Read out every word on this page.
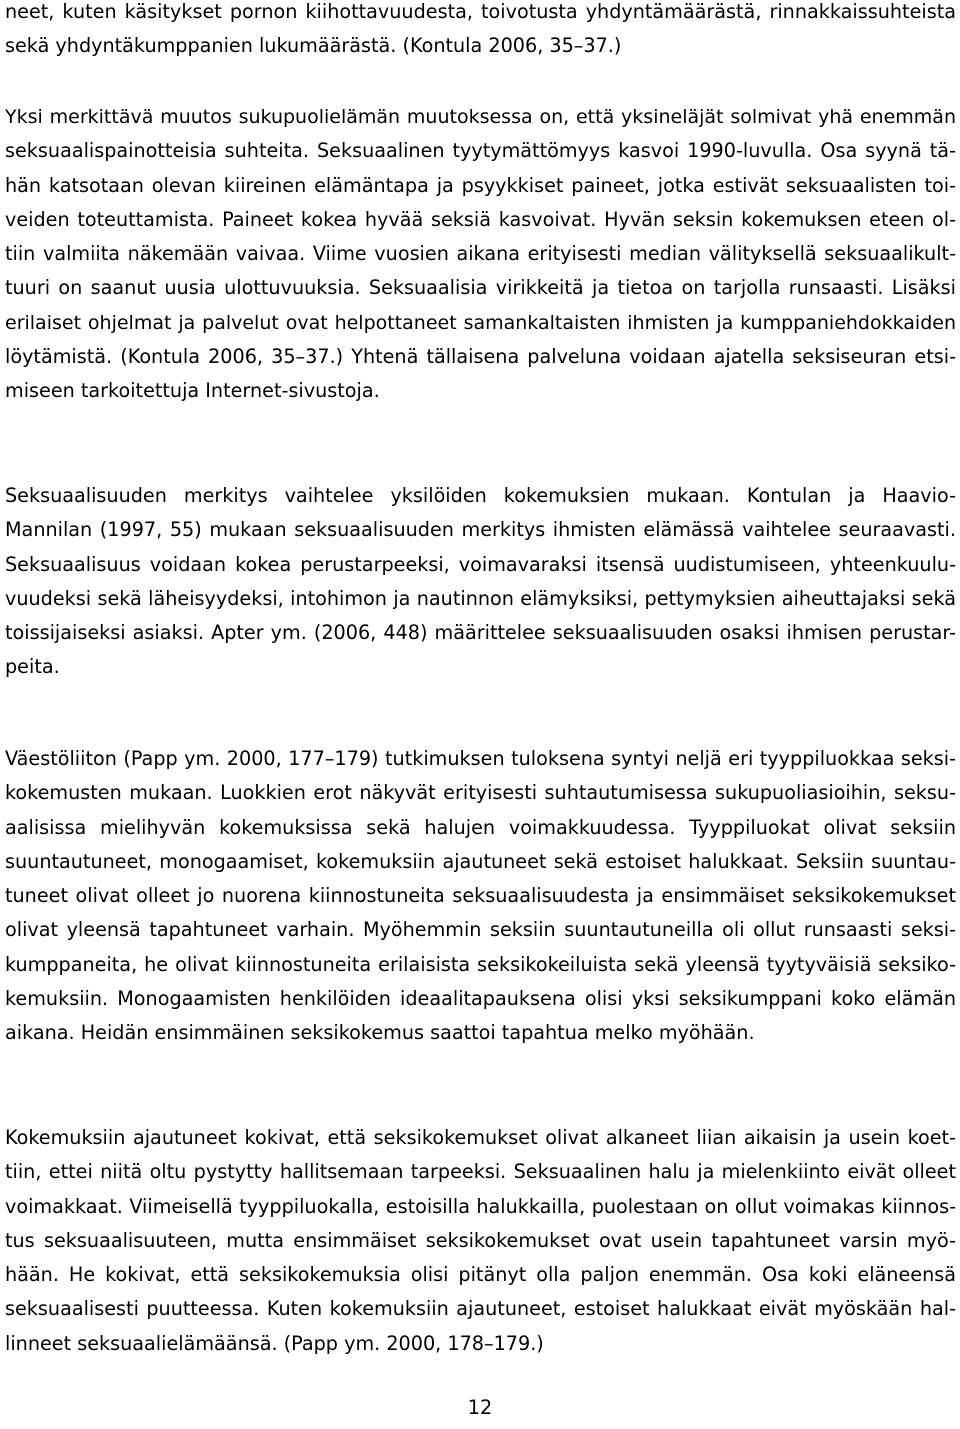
neet, kuten käsitykset pornon kiihottavuudesta, toivotusta yhdyntämäärästä, rinnakkaissuhteista
sekä yhdyntäkumppanien lukumäärästä. (Kontula 2006, 35–37.)
Yksi merkittävä muutos sukupuolielämän muutoksessa on, että yksineläjät solmivat yhä enemmän
seksuaalispainotteisia suhteita. Seksuaalinen tyytymättömyys kasvoi 1990-luvulla. Osa syynä tä-
hän katsotaan olevan kiireinen elämäntapa ja psyykkiset paineet, jotka estivät seksuaalisten toi-
veiden toteuttamista. Paineet kokea hyvää seksiä kasvoivat. Hyvän seksin kokemuksen eteen ol-
tiin valmiita näkemään vaivaa. Viime vuosien aikana erityisesti median välityksellä seksuaalikult-
tuuri on saanut uusia ulottuvuuksia. Seksuaalisia virikkeitä ja tietoa on tarjolla runsaasti. Lisäksi
erilaiset ohjelmat ja palvelut ovat helpottaneet samankaltaisten ihmisten ja kumppaniehdokkaiden
löytämistä. (Kontula 2006, 35–37.) Yhtenä tällaisena palveluna voidaan ajatella seksiseuran etsi-
miseen tarkoitettuja Internet-sivustoja.
Seksuaalisuuden merkitys vaihtelee yksilöiden kokemuksien mukaan. Kontulan ja Haavio-
Mannilan (1997, 55) mukaan seksuaalisuuden merkitys ihmisten elämässä vaihtelee seuraavasti.
Seksuaalisuus voidaan kokea perustarpeeksi, voimavaraksi itsensä uudistumiseen, yhteenkuulu-
vuudeksi sekä läheisyydeksi, intohimon ja nautinnon elämyksiksi, pettymyksien aiheuttajaksi sekä
toissijaiseksi asiaksi. Apter ym. (2006, 448) määrittelee seksuaalisuuden osaksi ihmisen perustar-
peita.
Väestöliiton (Papp ym. 2000, 177–179) tutkimuksen tuloksena syntyi neljä eri tyyppiluokkaa seksi-
kokemusten mukaan. Luokkien erot näkyvät erityisesti suhtautumisessa sukupuoliasioihin, seksu-
aalisissa mielihyvän kokemuksissa sekä halujen voimakkuudessa. Tyyppiluokat olivat seksiin
suuntautuneet, monogaamiset, kokemuksiin ajautuneet sekä estoiset halukkaat. Seksiin suuntau-
tuneet olivat olleet jo nuorena kiinnostuneita seksuaalisuudesta ja ensimmäiset seksikokemukset
olivat yleensä tapahtuneet varhain. Myöhemmin seksiin suuntautuneilla oli ollut runsaasti seksi-
kumppaneita, he olivat kiinnostuneita erilaisista seksikokeiluista sekä yleensä tyytyväisiä seksiko-
kemuksiin. Monogaamisten henkilöiden ideaalitapauksena olisi yksi seksikumppani koko elämän
aikana. Heidän ensimmäinen seksikokemus saattoi tapahtua melko myöhään.
Kokemuksiin ajautuneet kokivat, että seksikokemukset olivat alkaneet liian aikaisin ja usein koet-
tiin, ettei niitä oltu pystytty hallitsemaan tarpeeksi. Seksuaalinen halu ja mielenkiinto eivät olleet
voimakkaat. Viimeisellä tyyppiluokalla, estoisilla halukkailla, puolestaan on ollut voimakas kiinnos-
tus seksuaalisuuteen, mutta ensimmäiset seksikokemukset ovat usein tapahtuneet varsin myö-
hään. He kokivat, että seksikokemuksia olisi pitänyt olla paljon enemmän. Osa koki eläneensä
seksuaalisesti puutteessa. Kuten kokemuksiin ajautuneet, estoiset halukkaat eivät myöskään hal-
linneet seksuaalielämäänsä. (Papp ym. 2000, 178–179.)
12
